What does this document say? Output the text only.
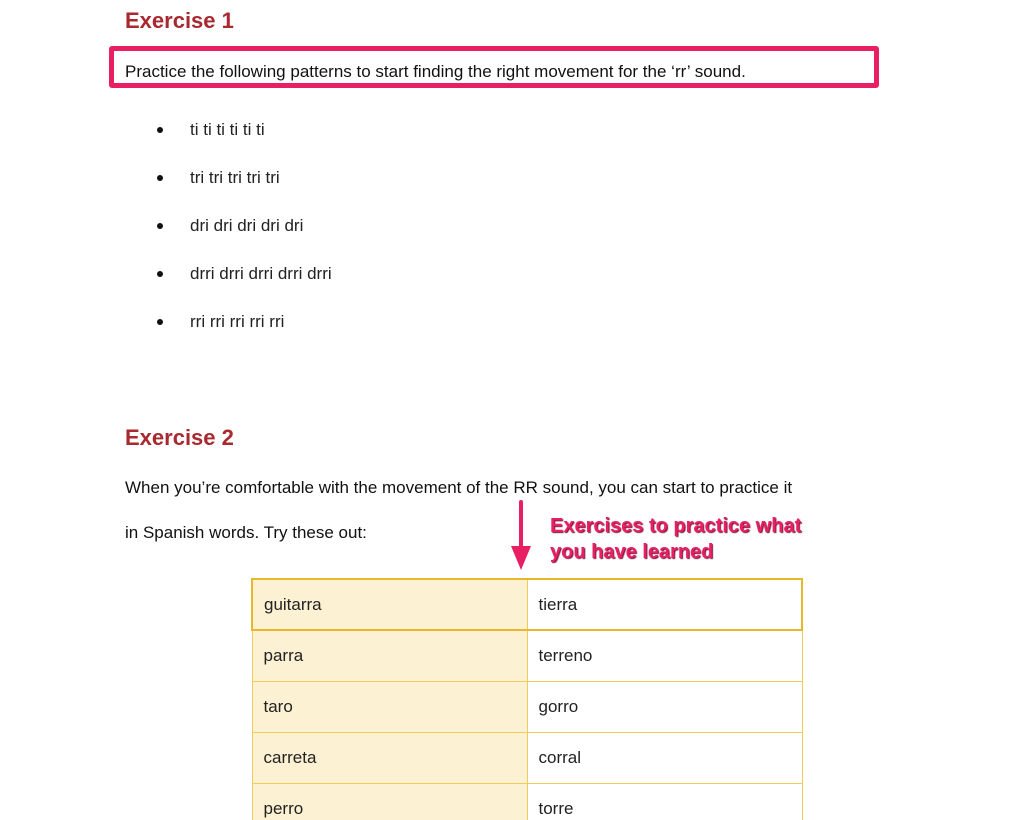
Exercise 1
Practice the following patterns to start finding the right movement for the ‘rr’ sound.
ti ti ti ti ti ti
tri tri tri tri tri
dri dri dri dri dri
drri drri drri drri drri
rri rri rri rri rri
Exercise 2
When you’re comfortable with the movement of the RR sound, you can start to practice it
in Spanish words. Try these out:	Exercises to practice what
you have learned
guitarra	tierra
parra	terreno
taro	gorro
carreta	corral
perro	torre
